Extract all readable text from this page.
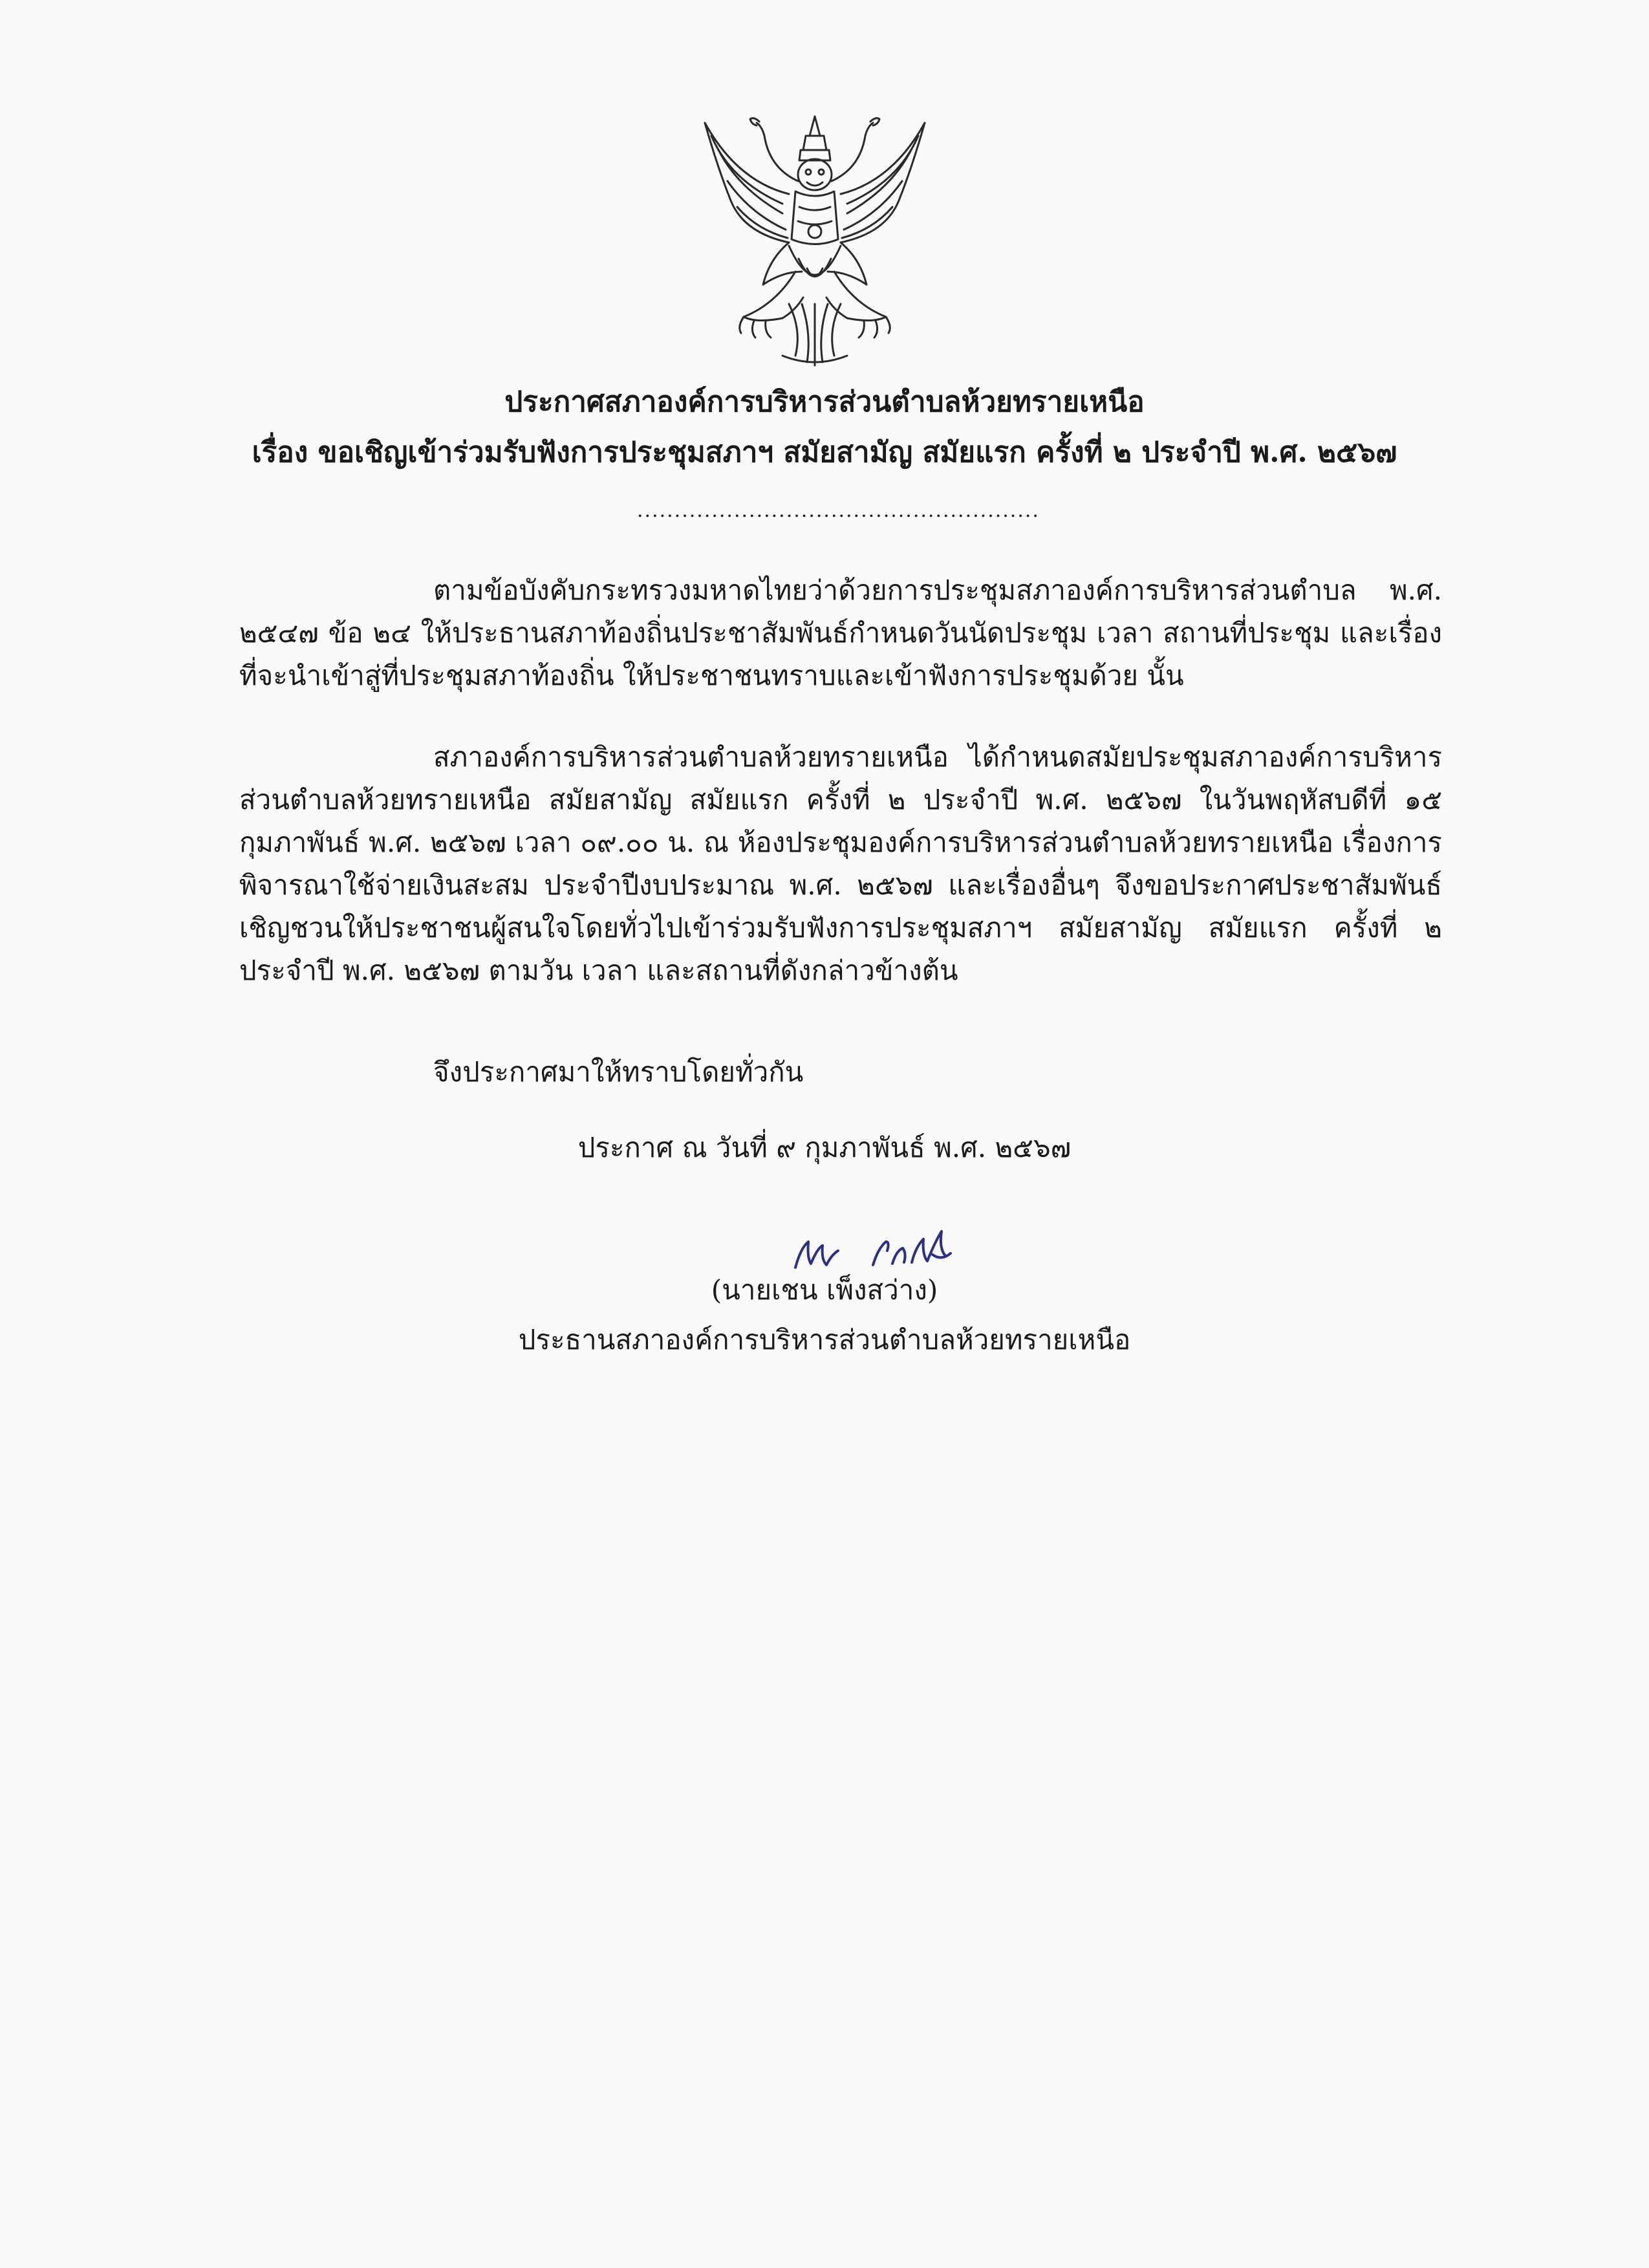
ประกาศสภาองค์การบริหารส่วนตำบลห้วยทรายเหนือ
เรื่อง ขอเชิญเข้าร่วมรับฟังการประชุมสภาฯ สมัยสามัญ สมัยแรก ครั้งที่ ๒ ประจำปี พ.ศ. ๒๕๖๗
......................................................
ตามข้อบังคับกระทรวงมหาดไทยว่าด้วยการประชุมสภาองค์การบริหารส่วนตำบล พ.ศ. ๒๕๔๗ ข้อ ๒๔ ให้ประธานสภาท้องถิ่นประชาสัมพันธ์กำหนดวันนัดประชุม เวลา สถานที่ประชุม และเรื่องที่จะนำเข้าสู่ที่ประชุมสภาท้องถิ่น ให้ประชาชนทราบและเข้าฟังการประชุมด้วย นั้น
สภาองค์การบริหารส่วนตำบลห้วยทรายเหนือ ได้กำหนดสมัยประชุมสภาองค์การบริหารส่วนตำบลห้วยทรายเหนือ สมัยสามัญ สมัยแรก ครั้งที่ ๒ ประจำปี พ.ศ. ๒๕๖๗ ในวันพฤหัสบดีที่ ๑๕ กุมภาพันธ์ พ.ศ. ๒๕๖๗ เวลา ๐๙.๐๐ น. ณ ห้องประชุมองค์การบริหารส่วนตำบลห้วยทรายเหนือ เรื่องการพิจารณาใช้จ่ายเงินสะสม ประจำปีงบประมาณ พ.ศ. ๒๕๖๗ และเรื่องอื่นๆ จึงขอประกาศประชาสัมพันธ์เชิญชวนให้ประชาชนผู้สนใจโดยทั่วไปเข้าร่วมรับฟังการประชุมสภาฯ สมัยสามัญ สมัยแรก ครั้งที่ ๒ ประจำปี พ.ศ. ๒๕๖๗ ตามวัน เวลา และสถานที่ดังกล่าวข้างต้น
จึงประกาศมาให้ทราบโดยทั่วกัน
ประกาศ ณ วันที่ ๙ กุมภาพันธ์ พ.ศ. ๒๕๖๗
(นายเชน เพ็งสว่าง)
ประธานสภาองค์การบริหารส่วนตำบลห้วยทรายเหนือ
